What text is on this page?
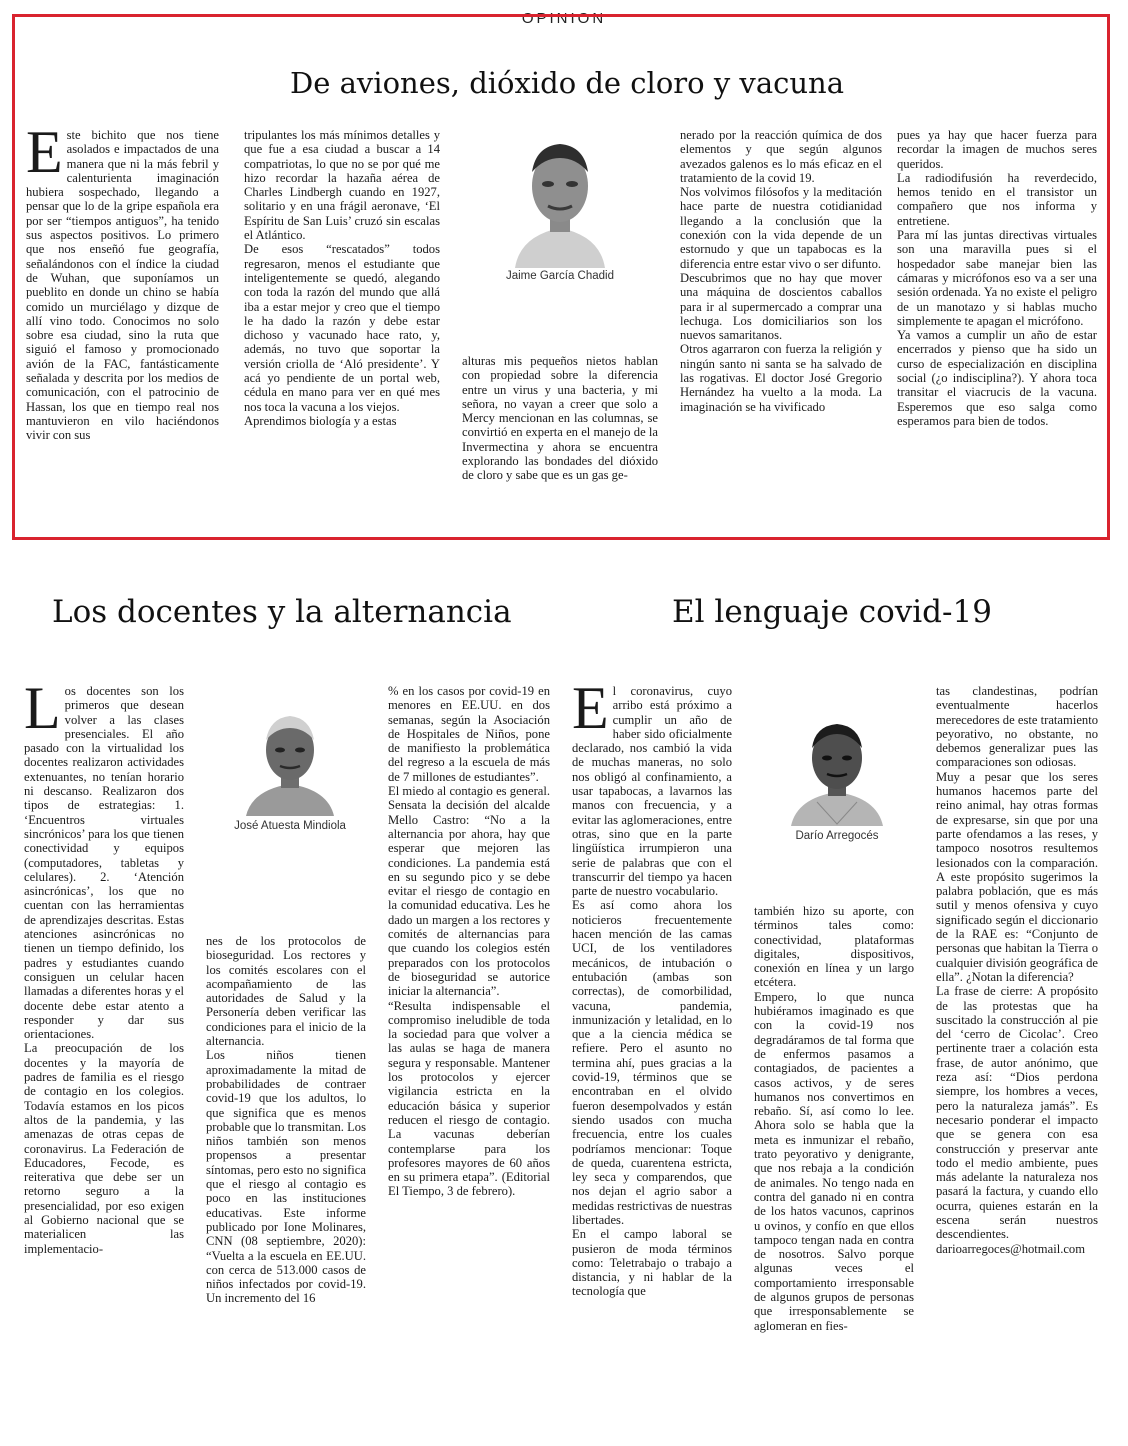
OPINION
De aviones, dióxido de cloro y vacuna
E ste bichito que nos tiene asolados e impactados de una manera que ni la más febril y calenturienta imaginación hubiera sospechado, llegando a pensar que lo de la gripe española era por ser “tiempos antiguos”, ha tenido sus aspectos positivos. Lo primero que nos enseñó fue geografía, señalándonos con el índice la ciudad de Wuhan, que suponíamos un pueblito en donde un chino se había comido un murciélago y dizque de allí vino todo. Conocimos no solo sobre esa ciudad, sino la ruta que siguió el famoso y promocionado avión de la FAC, fantásticamente señalada y descrita por los medios de comunicación, con el patrocinio de Hassan, los que en tiempo real nos mantuvieron en vilo haciéndonos vivir con sus

tripulantes los más mínimos detalles y que fue a esa ciudad a buscar a 14 compatriotas, lo que no se por qué me hizo recordar la hazaña aérea de Charles Lindbergh cuando en 1927, solitario y en una frágil aeronave, ‘El Espíritu de San Luis’ cruzó sin escalas el Atlántico.

De esos “rescatados” todos regresaron, menos el estudiante que inteligentemente se quedó, alegando con toda la razón del mundo que allá iba a estar mejor y creo que el tiempo le ha dado la razón y debe estar dichoso y vacunado hace rato, y, además, no tuvo que soportar la versión criolla de ‘Aló presidente’. Y acá yo pendiente de un portal web, cédula en mano para ver en qué mes nos toca la vacuna a los viejos.

Aprendimos biología y a estas

Jaime García Chadid

alturas mis pequeños nietos hablan con propiedad sobre la diferencia entre un virus y una bacteria, y mi señora, no vayan a creer que solo a Mercy mencionan en las columnas, se convirtió en experta en el manejo de la Invermectina y ahora se encuentra explorando las bondades del dióxido de cloro y sabe que es un gas ge-

nerado por la reacción química de dos elementos y que según algunos avezados galenos es lo más eficaz en el tratamiento de la covid 19.

Nos volvimos filósofos y la meditación hace parte de nuestra cotidianidad llegando a la conclusión que la conexión con la vida depende de un estornudo y que un tapabocas es la diferencia entre estar vivo o ser difunto.

Descubrimos que no hay que mover una máquina de doscientos caballos para ir al supermercado a comprar una lechuga. Los domiciliarios son los nuevos samaritanos.

Otros agarraron con fuerza la religión y ningún santo ni santa se ha salvado de las rogativas. El doctor José Gregorio Hernández ha vuelto a la moda. La imaginación se ha vivificado

pues ya hay que hacer fuerza para recordar la imagen de muchos seres queridos.

La radiodifusión ha reverdecido, hemos tenido en el transistor un compañero que nos informa y entretiene.

Para mí las juntas directivas virtuales son una maravilla pues si el hospedador sabe manejar bien las cámaras y micrófonos eso va a ser una sesión ordenada. Ya no existe el peligro de un manotazo y si hablas mucho simplemente te apagan el micrófono.

Ya vamos a cumplir un año de estar encerrados y pienso que ha sido un curso de especialización en disciplina social (¿o indisciplina?). Y ahora toca transitar el viacrucis de la vacuna. Esperemos que eso salga como esperamos para bien de todos.

Los docentes y la alternancia
L os docentes son los primeros que desean volver a las clases presenciales. El año pasado con la virtualidad los docentes realizaron actividades extenuantes, no tenían horario ni descanso. Realizaron dos tipos de estrategias: 1. ‘Encuentros virtuales sincrónicos’ para los que tienen conectividad y equipos (computadores, tabletas y celulares). 2. ‘Atención asincrónicas’, los que no cuentan con las herramientas de aprendizajes descritas. Estas atenciones asincrónicas no tienen un tiempo definido, los padres y estudiantes cuando consiguen un celular hacen llamadas a diferentes horas y el docente debe estar atento a responder y dar sus orientaciones.

La preocupación de los docentes y la mayoría de padres de familia es el riesgo de contagio en los colegios. Todavía estamos en los picos altos de la pandemia, y las amenazas de otras cepas de coronavirus. La Federación de Educadores, Fecode, es reiterativa que debe ser un retorno seguro a la presencialidad, por eso exigen al Gobierno nacional que se materialicen las implementacio-

José Atuesta Mindiola

nes de los protocolos de bioseguridad. Los rectores y los comités escolares con el acompañamiento de las autoridades de Salud y la Personería deben verificar las condiciones para el inicio de la alternancia.

Los niños tienen aproximadamente la mitad de probabilidades de contraer covid-19 que los adultos, lo que significa que es menos probable que lo transmitan. Los niños también son menos propensos a presentar síntomas, pero esto no significa que el riesgo al contagio es poco en las instituciones educativas. Este informe publicado por Ione Molinares, CNN (08 septiembre, 2020): “Vuelta a la escuela en EE.UU. con cerca de 513.000 casos de niños infectados por covid-19. Un incremento del 16

% en los casos por covid-19 en menores en EE.UU. en dos semanas, según la Asociación de Hospitales de Niños, pone de manifiesto la problemática del regreso a la escuela de más de 7 millones de estudiantes”.

El miedo al contagio es general. Sensata la decisión del alcalde Mello Castro: “No a la alternancia por ahora, hay que esperar que mejoren las condiciones. La pandemia está en su segundo pico y se debe evitar el riesgo de contagio en la comunidad educativa. Les he dado un margen a los rectores y comités de alternancias para que cuando los colegios estén preparados con los protocolos de bioseguridad se autorice iniciar la alternancia”.

“Resulta indispensable el compromiso ineludible de toda la sociedad para que volver a las aulas se haga de manera segura y responsable. Mantener los protocolos y ejercer vigilancia estricta en la educación básica y superior reducen el riesgo de contagio. La vacunas deberían contemplarse para los profesores mayores de 60 años en su primera etapa”. (Editorial El Tiempo, 3 de febrero).

El lenguaje covid-19
E l coronavirus, cuyo arribo está próximo a cumplir un año de haber sido oficialmente declarado, nos cambió la vida de muchas maneras, no solo nos obligó al confinamiento, a usar tapabocas, a lavarnos las manos con frecuencia, y a evitar las aglomeraciones, entre otras, sino que en la parte lingüística irrumpieron una serie de palabras que con el transcurrir del tiempo ya hacen parte de nuestro vocabulario.

Es así como ahora los noticieros frecuentemente hacen mención de las camas UCI, de los ventiladores mecánicos, de intubación o entubación (ambas son correctas), de comorbilidad, vacuna, pandemia, inmunización y letalidad, en lo que a la ciencia médica se refiere. Pero el asunto no termina ahí, pues gracias a la covid-19, términos que se encontraban en el olvido fueron desempolvados y están siendo usados con mucha frecuencia, entre los cuales podríamos mencionar: Toque de queda, cuarentena estricta, ley seca y comparendos, que nos dejan el agrio sabor a medidas restrictivas de nuestras libertades.

En el campo laboral se pusieron de moda términos como: Teletrabajo o trabajo a distancia, y ni hablar de la tecnología que

Darío Arregocés

también hizo su aporte, con términos tales como: conectividad, plataformas digitales, dispositivos, conexión en línea y un largo etcétera.

Empero, lo que nunca hubiéramos imaginado es que con la covid-19 nos degradáramos de tal forma que de enfermos pasamos a contagiados, de pacientes a casos activos, y de seres humanos nos convertimos en rebaño. Sí, así como lo lee. Ahora solo se habla que la meta es inmunizar el rebaño, trato peyorativo y denigrante, que nos rebaja a la condición de animales. No tengo nada en contra del ganado ni en contra de los hatos vacunos, caprinos u ovinos, y confío en que ellos tampoco tengan nada en contra de nosotros. Salvo porque algunas veces el comportamiento irresponsable de algunos grupos de personas que irresponsablemente se aglomeran en fies-

tas clandestinas, podrían eventualmente hacerlos merecedores de este tratamiento peyorativo, no obstante, no debemos generalizar pues las comparaciones son odiosas.

Muy a pesar que los seres humanos hacemos parte del reino animal, hay otras formas de expresarse, sin que por una parte ofendamos a las reses, y tampoco nosotros resultemos lesionados con la comparación. A este propósito sugerimos la palabra población, que es más sutil y menos ofensiva y cuyo significado según el diccionario de la RAE es: “Conjunto de personas que habitan la Tierra o cualquier división geográfica de ella”. ¿Notan la diferencia?

La frase de cierre: A propósito de las protestas que ha suscitado la construcción al pie del ‘cerro de Cicolac’. Creo pertinente traer a colación esta frase, de autor anónimo, que reza así: “Dios perdona siempre, los hombres a veces, pero la naturaleza jamás”. Es necesario ponderar el impacto que se genera con esa construcción y preservar ante todo el medio ambiente, pues más adelante la naturaleza nos pasará la factura, y cuando ello ocurra, quienes estarán en la escena serán nuestros descendientes. darioarregoces@hotmail.com
